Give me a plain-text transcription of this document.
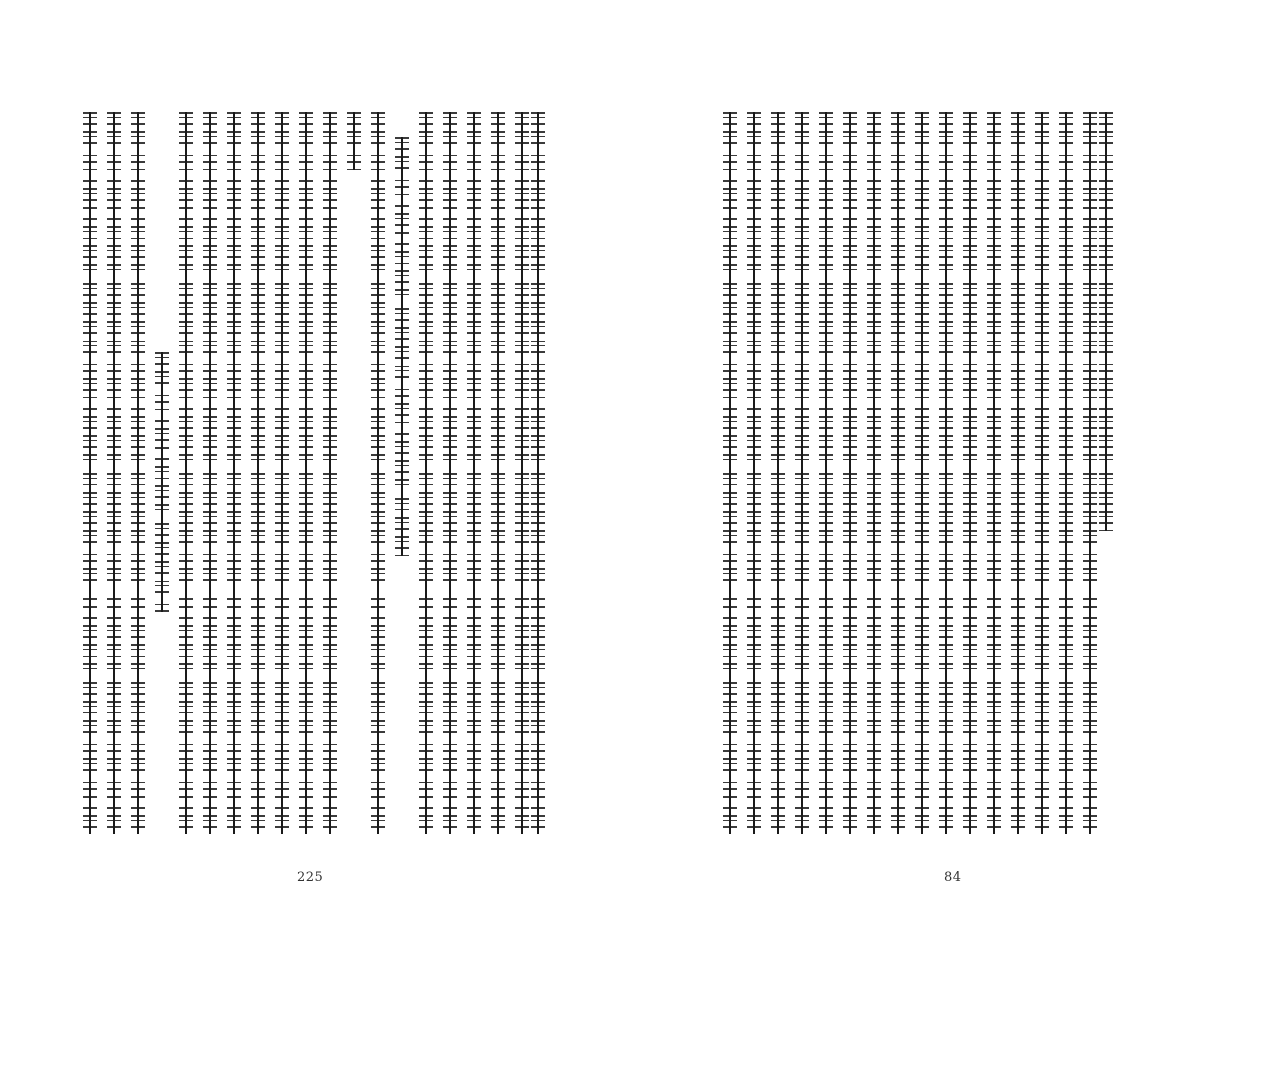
225	84
